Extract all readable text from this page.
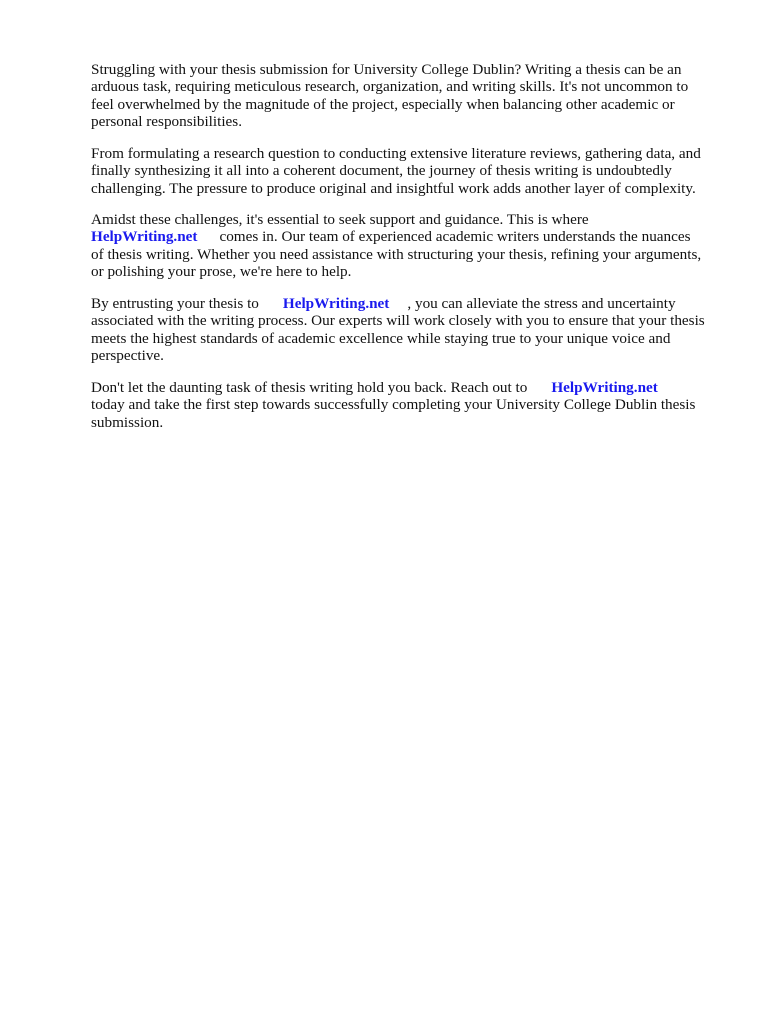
Struggling with your thesis submission for University College Dublin? Writing a thesis can be an
arduous task, requiring meticulous research, organization, and writing skills. It's not uncommon to
feel overwhelmed by the magnitude of the project, especially when balancing other academic or
personal responsibilities.
From formulating a research question to conducting extensive literature reviews, gathering data, and
finally synthesizing it all into a coherent document, the journey of thesis writing is undoubtedly
challenging. The pressure to produce original and insightful work adds another layer of complexity.
Amidst these challenges, it's essential to seek support and guidance. This is where
HelpWriting.net comes in. Our team of experienced academic writers understands the nuances
of thesis writing. Whether you need assistance with structuring your thesis, refining your arguments,
or polishing your prose, we're here to help.
By entrusting your thesis to HelpWriting.net , you can alleviate the stress and uncertainty
associated with the writing process. Our experts will work closely with you to ensure that your thesis
meets the highest standards of academic excellence while staying true to your unique voice and
perspective.
Don't let the daunting task of thesis writing hold you back. Reach out to HelpWriting.net
today and take the first step towards successfully completing your University College Dublin thesis
submission.
